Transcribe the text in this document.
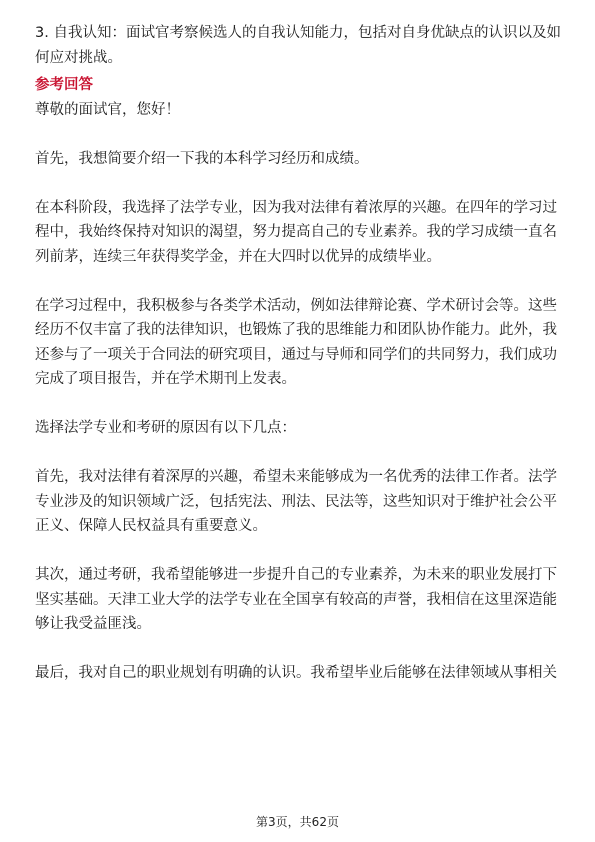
3. 自我认知：面试官考察候选人的自我认知能力，包括对自身优缺点的认识以及如何应对挑战。

参考回答

尊敬的面试官，您好！

首先，我想简要介绍一下我的本科学习经历和成绩。

在本科阶段，我选择了法学专业，因为我对法律有着浓厚的兴趣。在四年的学习过程中，我始终保持对知识的渴望，努力提高自己的专业素养。我的学习成绩一直名列前茅，连续三年获得奖学金，并在大四时以优异的成绩毕业。

在学习过程中，我积极参与各类学术活动，例如法律辩论赛、学术研讨会等。这些经历不仅丰富了我的法律知识，也锻炼了我的思维能力和团队协作能力。此外，我还参与了一项关于合同法的研究项目，通过与导师和同学们的共同努力，我们成功完成了项目报告，并在学术期刊上发表。

选择法学专业和考研的原因有以下几点：

首先，我对法律有着深厚的兴趣，希望未来能够成为一名优秀的法律工作者。法学专业涉及的知识领域广泛，包括宪法、刑法、民法等，这些知识对于维护社会公平正义、保障人民权益具有重要意义。

其次，通过考研，我希望能够进一步提升自己的专业素养，为未来的职业发展打下坚实基础。天津工业大学的法学专业在全国享有较高的声誉，我相信在这里深造能够让我受益匪浅。

最后，我对自己的职业规划有明确的认识。我希望毕业后能够在法律领域从事相关

第3页，共62页
